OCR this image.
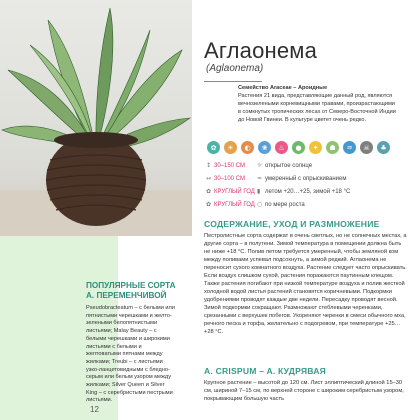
Аглаонема
(Aglaonema)
Семейство Araceae – Ароидные
Растения 21 вида, представляющие данный род, являются вечнозелеными корневищными травами, произрастающими в сомкнутых тропических лесах от Северо-Восточной Индии до Новой Гвинеи. В культуре цветет очень редко.
✿ ☀ ◐ ❀ ♨ ● ✦ ☗ ♒ ☠ ♣
↕ 30–150 СМ ☼ открытое солнце
↔ 30–100 СМ ≈ умеренный с опрыскиванием
✿ КРУГЛЫЙ ГОД ▮ летом +20…+25, зимой +18 °С
✿ КРУГЛЫЙ ГОД ○ по мере роста
СОДЕРЖАНИЕ, УХОД И РАЗМНОЖЕНИЕ
Пестролистные сорта содержат в очень светлых, но не солнечных местах, а другие сорта – в полутени. Зимой температура в помещении должна быть не ниже +18 °С. Полив летом требуется умеренный, чтобы земляной ком между поливами успевал подсохнуть, а зимой редкий. Аглаонема не переносит сухого комнатного воздуха. Растение следует часто опрыскивать. Если воздух слишком сухой, растения поражаются паутинным клещом. Также растения погибают при низкой температуре воздуха и полив жесткой холодной водой листья растений становятся коричневыми. Подкормки удобрениями проводят каждые две недели. Пересадку проводят весной. Зимой подкормки сокращают. Размножают стеблевыми черенками, срезанными с верхушек побегов. Укореняют черенки в смеси обычного мха, речного песка и торфа, желательно с подогревом, при температуре +25…+28 °С.
A. CRISPUM – A. КУДРЯВАЯ
Крупное растение – высотой до 120 см. Лист эллиптический длиной 15–30 см, шириной 7–15 см, по верхней стороне с широким серебристым узором, покрывающим большую часть
ПОПУЛЯРНЫЕ СОРТА А. ПЕРЕМЕНЧИВОЙ
Pseudobracteatum – с белыми или пятнистыми черешками и желто-зелеными белопятнистыми листьями; Malay Beauty – с белыми черешками и широкими листьями с белыми и желтоватыми пятнами между жилками; Treubi – с листьями узко-ланцетовидными с бледно-серым или белым узором между жилками; Silver Queen и Silver King – с серебристыми пестрыми листьями.
12
